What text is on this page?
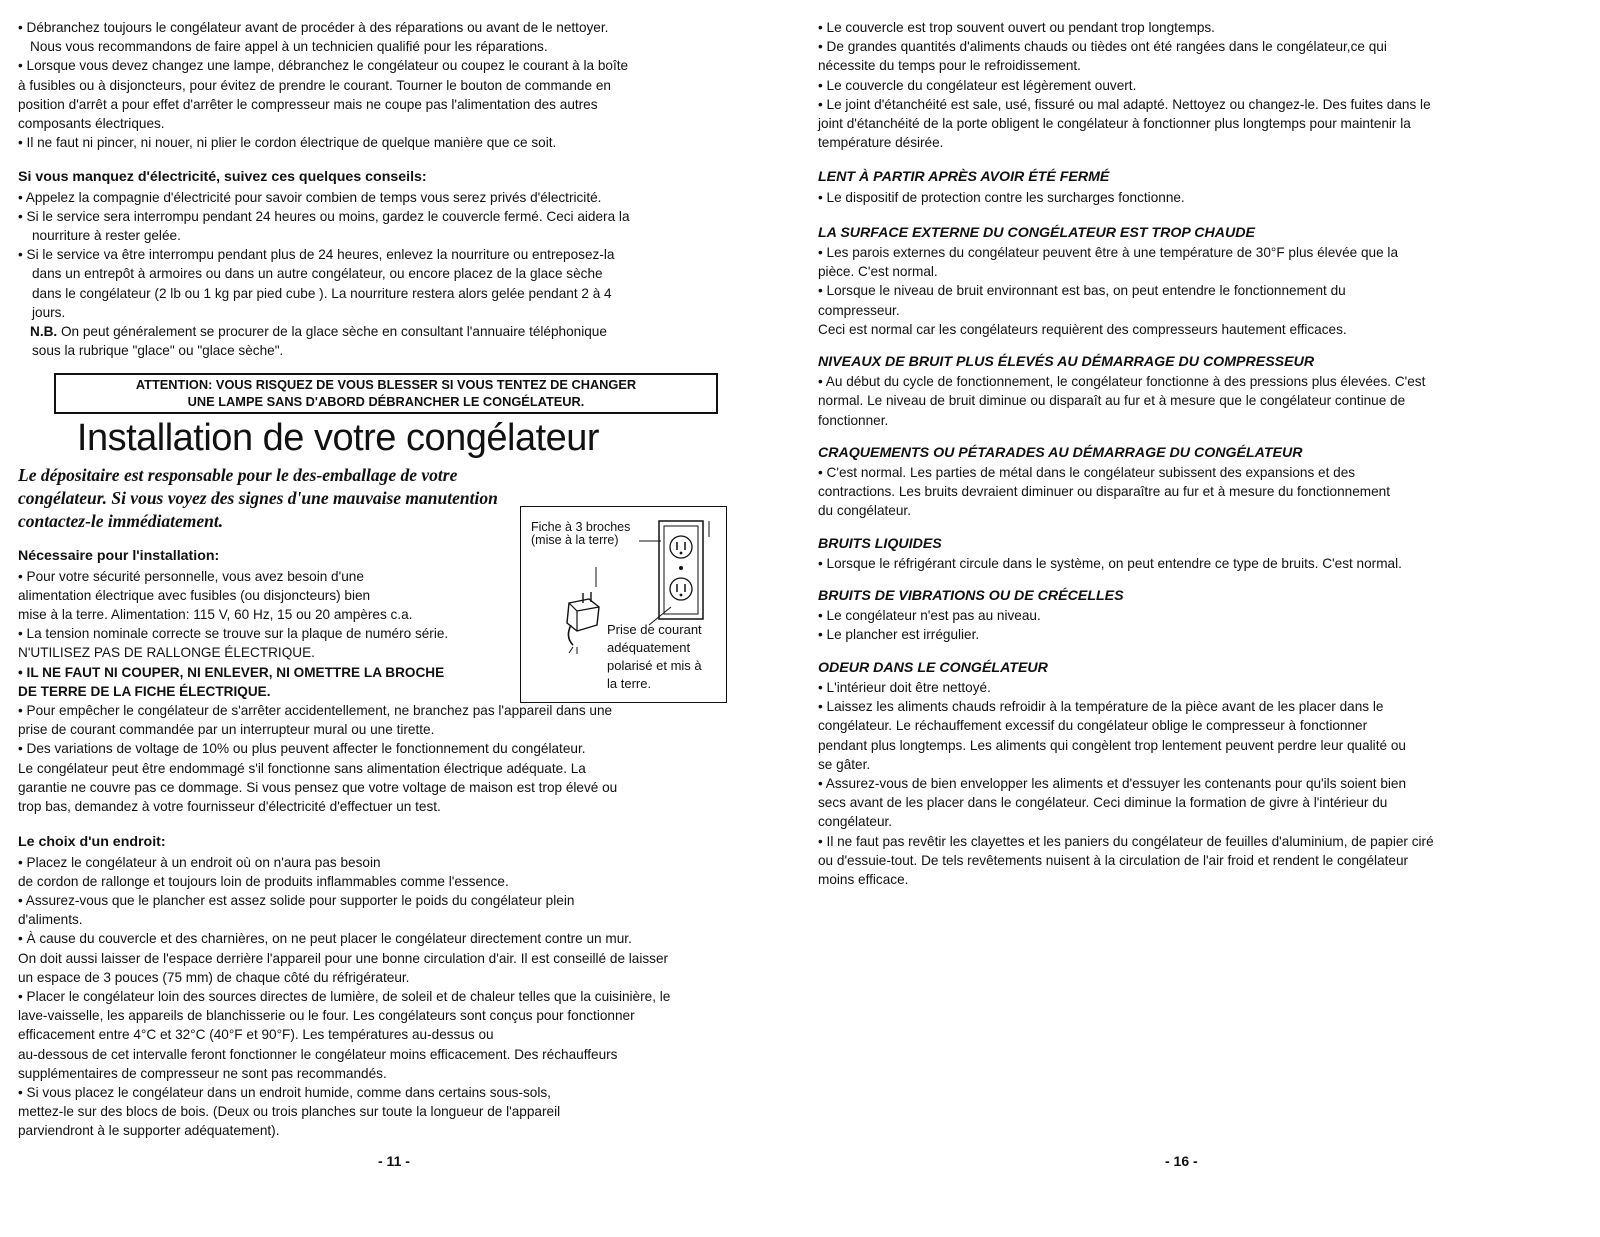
• Débranchez toujours le congélateur avant de procéder à des réparations ou avant de le nettoyer.

Nous vous recommandons de faire appel à un technicien qualifié pour les réparations.

• Lorsque vous devez changez une lampe, débranchez le congélateur ou coupez le courant à la boîte

à fusibles ou à disjoncteurs, pour évitez de prendre le courant. Tourner le bouton de commande en

position d'arrêt a pour effet d'arrêter le compresseur mais ne coupe pas l'alimentation des autres

composants électriques.

• Il ne faut ni pincer, ni nouer, ni plier le cordon électrique de quelque manière que ce soit.

Si vous manquez d'électricité, suivez ces quelques conseils:

• Appelez la compagnie d'électricité pour savoir combien de temps vous serez privés d'électricité.

• Si le service sera interrompu pendant 24 heures ou moins, gardez le couvercle fermé. Ceci aidera la

nourriture à rester gelée.

• Si le service va être interrompu pendant plus de 24 heures, enlevez la nourriture ou entreposez-la

dans un entrepôt à armoires ou dans un autre congélateur, ou encore placez de la glace sèche

dans le congélateur (2 lb ou 1 kg par pied cube ). La nourriture restera alors gelée pendant 2 à 4

jours.

N.B. On peut généralement se procurer de la glace sèche en consultant l'annuaire téléphonique

sous la rubrique "glace" ou "glace sèche".

ATTENTION: VOUS RISQUEZ DE VOUS BLESSER SI VOUS TENTEZ DE CHANGER
UNE LAMPE SANS D'ABORD DÉBRANCHER LE CONGÉLATEUR.
Installation de votre congélateur

Le dépositaire est responsable pour le des-emballage de votre congélateur. Si vous voyez des signes d'une mauvaise manutention contactez-le immédiatement.

Nécessaire pour l'installation:

• Pour votre sécurité personnelle, vous avez besoin d'une

alimentation électrique avec fusibles (ou disjoncteurs) bien

mise à la terre. Alimentation: 115 V, 60 Hz, 15 ou 20 ampères c.a.

• La tension nominale correcte se trouve sur la plaque de numéro série.

N'UTILISEZ PAS DE RALLONGE ÉLECTRIQUE.

• IL NE FAUT NI COUPER, NI ENLEVER, NI OMETTRE LA BROCHE

DE TERRE DE LA FICHE ÉLECTRIQUE.

• Pour empêcher le congélateur de s'arrêter accidentellement, ne branchez pas l'appareil dans une

prise de courant commandée par un interrupteur mural ou une tirette.

• Des variations de voltage de 10% ou plus peuvent affecter le fonctionnement du congélateur.

Le congélateur peut être endommagé s'il fonctionne sans alimentation électrique adéquate. La

garantie ne couvre pas ce dommage. Si vous pensez que votre voltage de maison est trop élevé ou

trop bas, demandez à votre fournisseur d'électricité d'effectuer un test.

Le choix d'un endroit:

• Placez le congélateur à un endroit où on n'aura pas besoin

de cordon de rallonge et toujours loin de produits inflammables comme l'essence.

• Assurez-vous que le plancher est assez solide pour supporter le poids du congélateur plein

d'aliments.

• À cause du couvercle et des charnières, on ne peut placer le congélateur directement contre un mur.

On doit aussi laisser de l'espace derrière l'appareil pour une bonne circulation d'air. Il est conseillé de laisser

un espace de 3 pouces (75 mm) de chaque côté du réfrigérateur.

• Placer le congélateur loin des sources directes de lumière, de soleil et de chaleur telles que la cuisinière, le

lave-vaisselle, les appareils de blanchisserie ou le four. Les congélateurs sont conçus pour fonctionner

efficacement entre 4°C et 32°C (40°F et 90°F). Les températures au-dessus ou

au-dessous de cet intervalle feront fonctionner le congélateur moins efficacement. Des réchauffeurs

supplémentaires de compresseur ne sont pas recommandés.

• Si vous placez le congélateur dans un endroit humide, comme dans certains sous-sols,

mettez-le sur des blocs de bois. (Deux ou trois planches sur toute la longueur de l'appareil

parviendront à le supporter adéquatement).

Fiche à 3 broches
(mise à la terre)
Prise de courant
adéquatement
polarisé et mis à
la terre.
- 11 -

• Le couvercle est trop souvent ouvert ou pendant trop longtemps.

• De grandes quantités d'aliments chauds ou tièdes ont été rangées dans le congélateur,ce qui

nécessite du temps pour le refroidissement.

• Le couvercle du congélateur est légèrement ouvert.

• Le joint d'étanchéité est sale, usé, fissuré ou mal adapté. Nettoyez ou changez-le. Des fuites dans le

joint d'étanchéité de la porte obligent le congélateur à fonctionner plus longtemps pour maintenir la

température désirée.

LENT À PARTIR APRÈS AVOIR ÉTÉ FERMÉ

• Le dispositif de protection contre les surcharges fonctionne.

LA SURFACE EXTERNE DU CONGÉLATEUR EST TROP CHAUDE

• Les parois externes du congélateur peuvent être à une température de 30°F plus élevée que la

pièce. C'est normal.

• Lorsque le niveau de bruit environnant est bas, on peut entendre le fonctionnement du

compresseur.

Ceci est normal car les congélateurs requièrent des compresseurs hautement efficaces.

NIVEAUX DE BRUIT PLUS ÉLEVÉS AU DÉMARRAGE DU COMPRESSEUR

• Au début du cycle de fonctionnement, le congélateur fonctionne à des pressions plus élevées. C'est

normal. Le niveau de bruit diminue ou disparaît au fur et à mesure que le congélateur continue de

fonctionner.

CRAQUEMENTS OU PÉTARADES AU DÉMARRAGE DU CONGÉLATEUR

• C'est normal. Les parties de métal dans le congélateur subissent des expansions et des

contractions. Les bruits devraient diminuer ou disparaître au fur et à mesure du fonctionnement

du congélateur.

BRUITS LIQUIDES

• Lorsque le réfrigérant circule dans le système, on peut entendre ce type de bruits. C'est normal.

BRUITS DE VIBRATIONS OU DE CRÉCELLES

• Le congélateur n'est pas au niveau.

• Le plancher est irrégulier.

ODEUR DANS LE CONGÉLATEUR

• L'intérieur doit être nettoyé.

• Laissez les aliments chauds refroidir à la température de la pièce avant de les placer dans le

congélateur. Le réchauffement excessif du congélateur oblige le compresseur à fonctionner

pendant plus longtemps. Les aliments qui congèlent trop lentement peuvent perdre leur qualité ou

se gâter.

• Assurez-vous de bien envelopper les aliments et d'essuyer les contenants pour qu'ils soient bien

secs avant de les placer dans le congélateur. Ceci diminue la formation de givre à l'intérieur du

congélateur.

• Il ne faut pas revêtir les clayettes et les paniers du congélateur de feuilles d'aluminium, de papier ciré

ou d'essuie-tout. De tels revêtements nuisent à la circulation de l'air froid et rendent le congélateur

moins efficace.

- 16 -
